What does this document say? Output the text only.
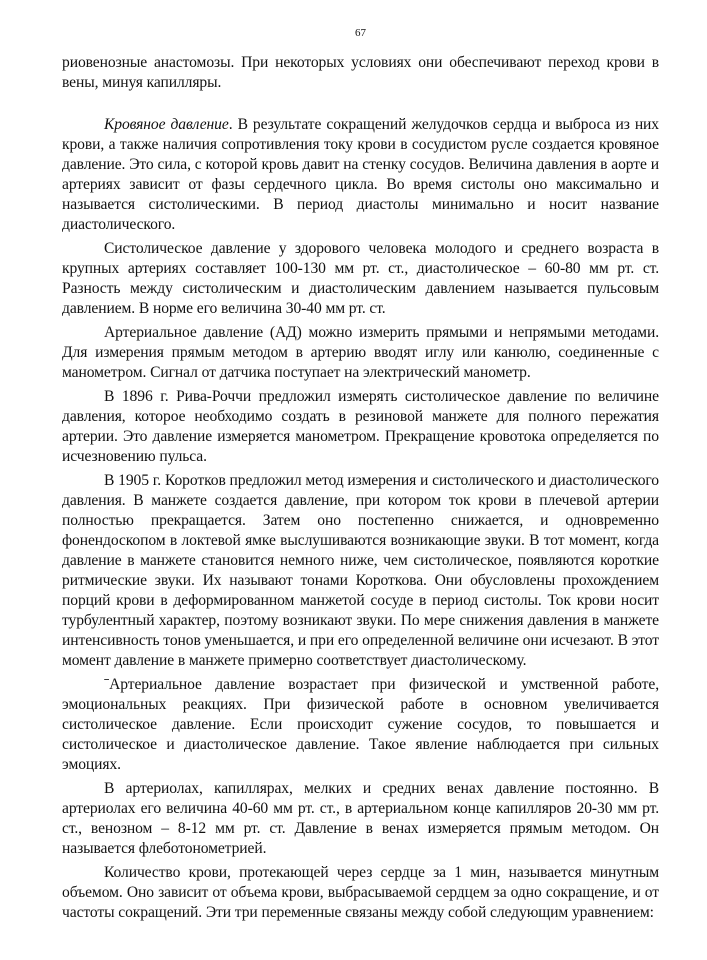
67

риовенозные анастомозы. При некоторых условиях они обеспечивают переход крови в вены, минуя капилляры.

Кровяное давление. В результате сокращений желудочков сердца и выброса из них крови, а также наличия сопротивления току крови в сосудистом русле создается кровяное давление. Это сила, с которой кровь давит на стенку сосудов. Величина давления в аорте и артериях зависит от фазы сердечного цикла. Во время систолы оно максимально и называется систолическими. В период диастолы минимально и носит название диастолического.

Систолическое давление у здорового человека молодого и среднего возраста в крупных артериях составляет 100-130 мм рт. ст., диастолическое – 60-80 мм рт. ст. Разность между систолическим и диастолическим давлением называется пульсовым давлением. В норме его величина 30-40 мм рт. ст.

Артериальное давление (АД) можно измерить прямыми и непрямыми методами. Для измерения прямым методом в артерию вводят иглу или канюлю, соединенные с манометром. Сигнал от датчика поступает на электрический манометр.

В 1896 г. Рива-Роччи предложил измерять систолическое давление по величине давления, которое необходимо создать в резиновой манжете для полного пережатия артерии. Это давление измеряется манометром. Прекращение кровотока определяется по исчезновению пульса.

В 1905 г. Коротков предложил метод измерения и систолического и диастолического давления. В манжете создается давление, при котором ток крови в плечевой артерии полностью прекращается. Затем оно постепенно снижается, и одновременно фонендоскопом в локтевой ямке выслушиваются возникающие звуки. В тот момент, когда давление в манжете становится немного ниже, чем систолическое, появляются короткие ритмические звуки. Их называют тонами Короткова. Они обусловлены прохождением порций крови в деформированном манжетой сосуде в период систолы. Ток крови носит турбулентный характер, поэтому возникают звуки. По мере снижения давления в манжете интенсивность тонов уменьшается, и при его определенной величине они исчезают. В этот момент давление в манжете примерно соответствует диастолическому.

ˉАртериальное давление возрастает при физической и умственной работе, эмоциональных реакциях. При физической работе в основном увеличивается систолическое давление. Если происходит сужение сосудов, то повышается и систолическое и диастолическое давление. Такое явление наблюдается при сильных эмоциях.

В артериолах, капиллярах, мелких и средних венах давление постоянно. В артериолах его величина 40-60 мм рт. ст., в артериальном конце капилляров 20-30 мм рт. ст., венозном – 8-12 мм рт. ст. Давление в венах измеряется прямым методом. Он называется флеботонометрией.

Количество крови, протекающей через сердце за 1 мин, называется минутным объемом. Оно зависит от объема крови, выбрасываемой сердцем за одно сокращение, и от частоты сокращений. Эти три переменные связаны между собой следующим уравнением:
